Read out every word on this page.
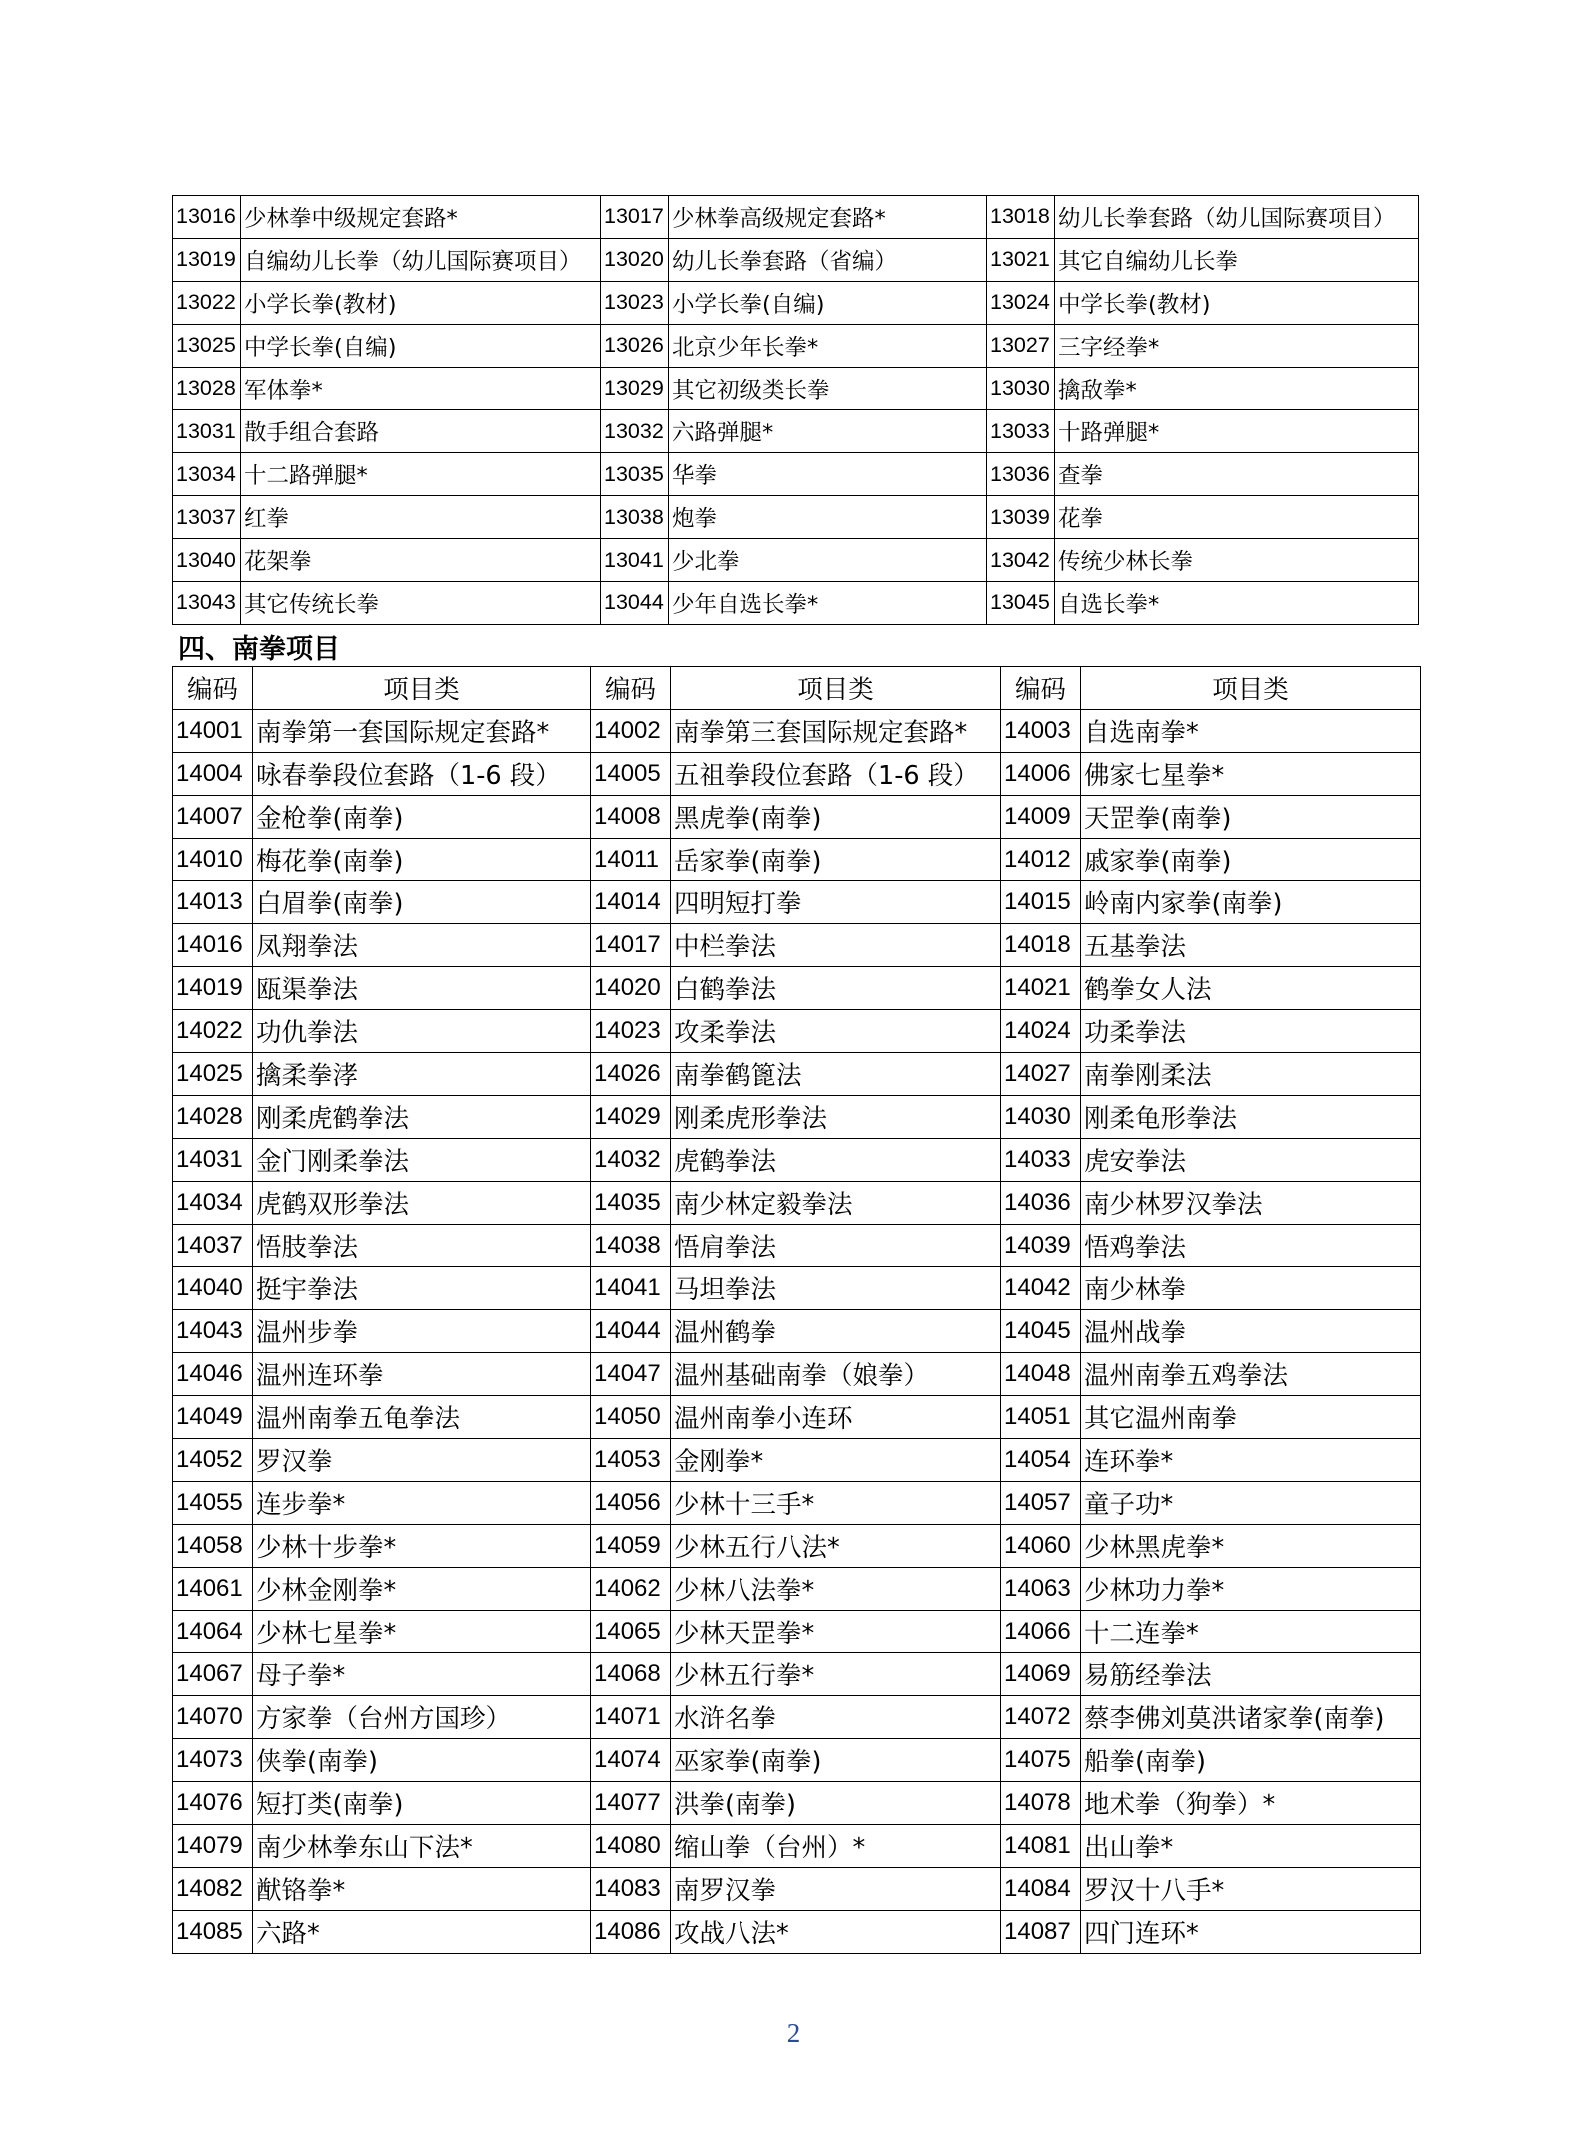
13016	少林拳中级规定套路*	13017	少林拳高级规定套路*	13018	幼儿长拳套路（幼儿国际赛项目）
13019	自编幼儿长拳（幼儿国际赛项目）	13020	幼儿长拳套路（省编）	13021	其它自编幼儿长拳
13022	小学长拳(教材)	13023	小学长拳(自编)	13024	中学长拳(教材)
13025	中学长拳(自编)	13026	北京少年长拳*	13027	三字经拳*
13028	军体拳*	13029	其它初级类长拳	13030	擒敌拳*
13031	散手组合套路	13032	六路弹腿*	13033	十路弹腿*
13034	十二路弹腿*	13035	华拳	13036	查拳
13037	红拳	13038	炮拳	13039	花拳
13040	花架拳	13041	少北拳	13042	传统少林长拳
13043	其它传统长拳	13044	少年自选长拳*	13045	自选长拳*
四、南拳项目
编码	项目类	编码	项目类	编码	项目类
14001	南拳第一套国际规定套路*	14002	南拳第三套国际规定套路*	14003	自选南拳*
14004	咏春拳段位套路（1-6 段）	14005	五祖拳段位套路（1-6 段）	14006	佛家七星拳*
14007	金枪拳(南拳)	14008	黑虎拳(南拳)	14009	天罡拳(南拳)
14010	梅花拳(南拳)	14011	岳家拳(南拳)	14012	戚家拳(南拳)
14013	白眉拳(南拳)	14014	四明短打拳	14015	岭南内家拳(南拳)
14016	凤翔拳法	14017	中栏拳法	14018	五基拳法
14019	瓯渠拳法	14020	白鹤拳法	14021	鹤拳女人法
14022	功仇拳法	14023	攻柔拳法	14024	功柔拳法
14025	擒柔拳涍	14026	南拳鹤篦法	14027	南拳刚柔法
14028	刚柔虎鹤拳法	14029	刚柔虎形拳法	14030	刚柔龟形拳法
14031	金门刚柔拳法	14032	虎鹤拳法	14033	虎安拳法
14034	虎鹤双形拳法	14035	南少林定毅拳法	14036	南少林罗汉拳法
14037	悟肢拳法	14038	悟肩拳法	14039	悟鸡拳法
14040	挺宇拳法	14041	马坦拳法	14042	南少林拳
14043	温州步拳	14044	温州鹤拳	14045	温州战拳
14046	温州连环拳	14047	温州基础南拳（娘拳）	14048	温州南拳五鸡拳法
14049	温州南拳五龟拳法	14050	温州南拳小连环	14051	其它温州南拳
14052	罗汉拳	14053	金刚拳*	14054	连环拳*
14055	连步拳*	14056	少林十三手*	14057	童子功*
14058	少林十步拳*	14059	少林五行八法*	14060	少林黑虎拳*
14061	少林金刚拳*	14062	少林八法拳*	14063	少林功力拳*
14064	少林七星拳*	14065	少林天罡拳*	14066	十二连拳*
14067	母子拳*	14068	少林五行拳*	14069	易筋经拳法
14070	方家拳（台州方国珍）	14071	水浒名拳	14072	蔡李佛刘莫洪诸家拳(南拳)
14073	侠拳(南拳)	14074	巫家拳(南拳)	14075	船拳(南拳)
14076	短打类(南拳)	14077	洪拳(南拳)	14078	地术拳（狗拳）*
14079	南少林拳东山下法*	14080	缩山拳（台州）*	14081	出山拳*
14082	猷铬拳*	14083	南罗汉拳	14084	罗汉十八手*
14085	六路*	14086	攻战八法*	14087	四门连环*
2
